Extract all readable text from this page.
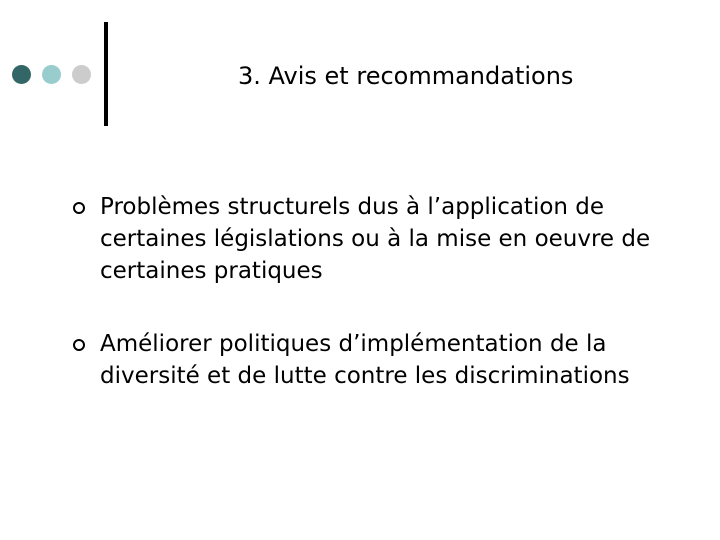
3. Avis et recommandations
Problèmes structurels dus à l’application de certaines législations ou à la mise en oeuvre de certaines pratiques
Améliorer politiques d’implémentation de la diversité et de lutte contre les discriminations
